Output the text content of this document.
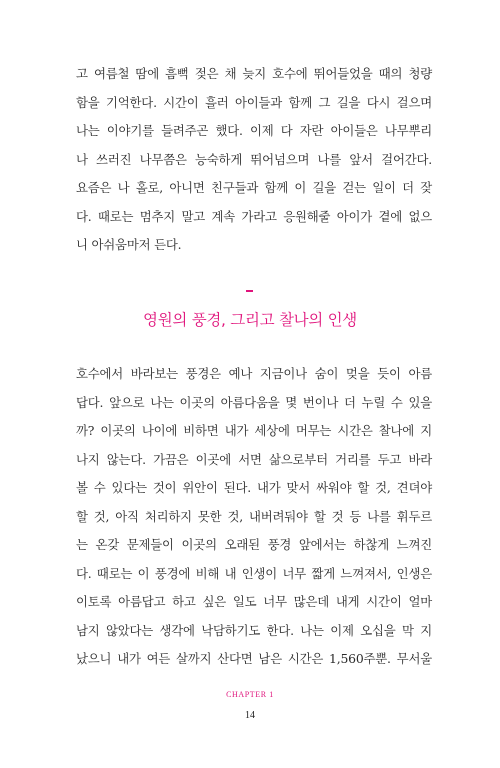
고 여름철 땀에 흠뻑 젖은 채 늦지 호수에 뛰어들었을 때의 청량
함을 기억한다. 시간이 흘러 아이들과 함께 그 길을 다시 걸으며
나는 이야기를 들려주곤 했다. 이제 다 자란 아이들은 나무뿌리
나 쓰러진 나무쯤은 능숙하게 뛰어넘으며 나를 앞서 걸어간다.
요즘은 나 홀로, 아니면 친구들과 함께 이 길을 걷는 일이 더 잦
다. 때로는 멈추지 말고 계속 가라고 응원해줄 아이가 곁에 없으
니 아쉬움마저 든다.
영원의 풍경, 그리고 찰나의 인생
호수에서 바라보는 풍경은 예나 지금이나 숨이 멎을 듯이 아름
답다. 앞으로 나는 이곳의 아름다움을 몇 번이나 더 누릴 수 있을
까? 이곳의 나이에 비하면 내가 세상에 머무는 시간은 찰나에 지
나지 않는다. 가끔은 이곳에 서면 삶으로부터 거리를 두고 바라
볼 수 있다는 것이 위안이 된다. 내가 맞서 싸워야 할 것, 견뎌야
할 것, 아직 처리하지 못한 것, 내버려둬야 할 것 등 나를 휘두르
는 온갖 문제들이 이곳의 오래된 풍경 앞에서는 하찮게 느껴진
다. 때로는 이 풍경에 비해 내 인생이 너무 짧게 느껴져서, 인생은
이토록 아름답고 하고 싶은 일도 너무 많은데 내게 시간이 얼마
남지 않았다는 생각에 낙담하기도 한다. 나는 이제 오십을 막 지
났으니 내가 여든 살까지 산다면 남은 시간은 1,560주뿐. 무서울
CHAPTER 1
14
